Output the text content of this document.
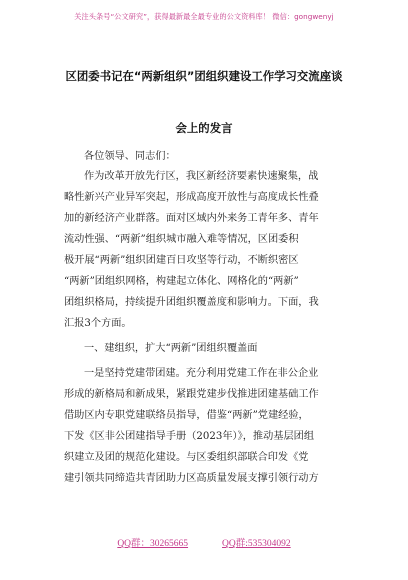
关注头条号“公文研究”，获得最新最全最专业的公文资料库！ 微信：gongwenyj
区团委书记在“两新组织”团组织建设工作学习交流座谈
会上的发言
各位领导、同志们：
作为改革开放先行区，我区新经济要素快速聚集，战
略性新兴产业异军突起，形成高度开放性与高度成长性叠
加的新经济产业群落。面对区域内外来务工青年多、青年
流动性强、“两新”组织城市融入难等情况，区团委积
极开展“两新”组织团建百日攻坚等行动，不断织密区
“两新”团组织网格，构建起立体化、网格化的“两新”
团组织格局，持续提升团组织覆盖度和影响力。下面，我
汇报3个方面。
一、建组织，扩大“两新”团组织覆盖面
一是坚持党建带团建。充分利用党建工作在非公企业
形成的新格局和新成果，紧跟党建步伐推进团建基础工作
借助区内专职党建联络员指导，借鉴“两新”党建经验，
下发《区非公团建指导手册（2023年）》，推动基层团组
织建立及团的规范化建设。与区委组织部联合印发《党
建引领共同缔造共青团助力区高质量发展支撑引领行动方
QQ群：30265665	QQ群:535304092
